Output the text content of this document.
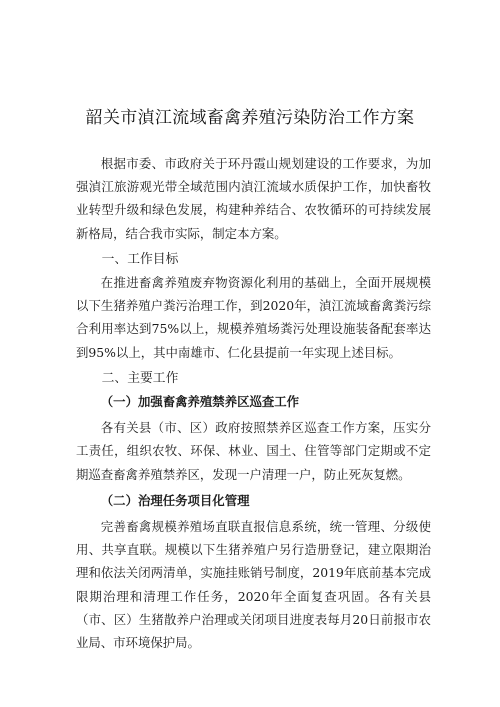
韶关市湞江流域畜禽养殖污染防治工作方案

根据市委、市政府关于环丹霞山规划建设的工作要求，为加强湞江旅游观光带全域范围内湞江流域水质保护工作，加快畜牧业转型升级和绿色发展，构建种养结合、农牧循环的可持续发展新格局，结合我市实际，制定本方案。

一、工作目标

在推进畜禽养殖废弃物资源化利用的基础上，全面开展规模以下生猪养殖户粪污治理工作，到2020年，湞江流域畜禽粪污综合利用率达到75%以上，规模养殖场粪污处理设施装备配套率达到95%以上，其中南雄市、仁化县提前一年实现上述目标。

二、主要工作

（一）加强畜禽养殖禁养区巡查工作

各有关县（市、区）政府按照禁养区巡查工作方案，压实分工责任，组织农牧、环保、林业、国土、住管等部门定期或不定期巡查畜禽养殖禁养区，发现一户清理一户，防止死灰复燃。

（二）治理任务项目化管理

完善畜禽规模养殖场直联直报信息系统，统一管理、分级使用、共享直联。规模以下生猪养殖户另行造册登记，建立限期治理和依法关闭两清单，实施挂账销号制度，2019年底前基本完成限期治理和清理工作任务，2020年全面复查巩固。各有关县（市、区）生猪散养户治理或关闭项目进度表每月20日前报市农业局、市环境保护局。
